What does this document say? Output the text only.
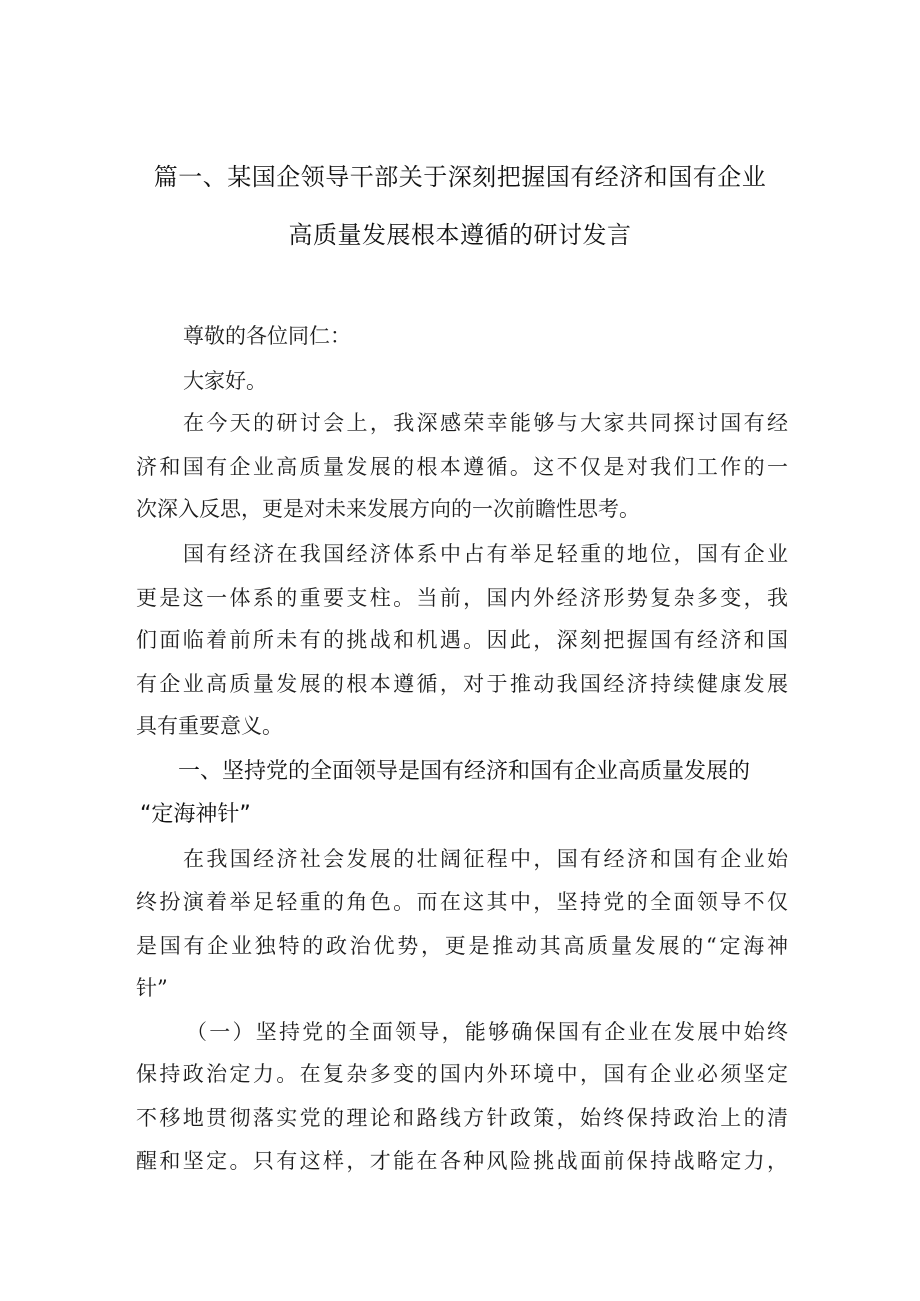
篇一、某国企领导干部关于深刻把握国有经济和国有企业
高质量发展根本遵循的研讨发言
尊敬的各位同仁：
大家好。
在今天的研讨会上，我深感荣幸能够与大家共同探讨国有经
济和国有企业高质量发展的根本遵循。这不仅是对我们工作的一
次深入反思，更是对未来发展方向的一次前瞻性思考。
国有经济在我国经济体系中占有举足轻重的地位，国有企业
更是这一体系的重要支柱。当前，国内外经济形势复杂多变，我
们面临着前所未有的挑战和机遇。因此，深刻把握国有经济和国
有企业高质量发展的根本遵循，对于推动我国经济持续健康发展
具有重要意义。
一、坚持党的全面领导是国有经济和国有企业高质量发展的
“定海神针”
在我国经济社会发展的壮阔征程中，国有经济和国有企业始
终扮演着举足轻重的角色。而在这其中，坚持党的全面领导不仅
是国有企业独特的政治优势，更是推动其高质量发展的“定海神
针”
（一）坚持党的全面领导，能够确保国有企业在发展中始终
保持政治定力。在复杂多变的国内外环境中，国有企业必须坚定
不移地贯彻落实党的理论和路线方针政策，始终保持政治上的清
醒和坚定。只有这样，才能在各种风险挑战面前保持战略定力，
